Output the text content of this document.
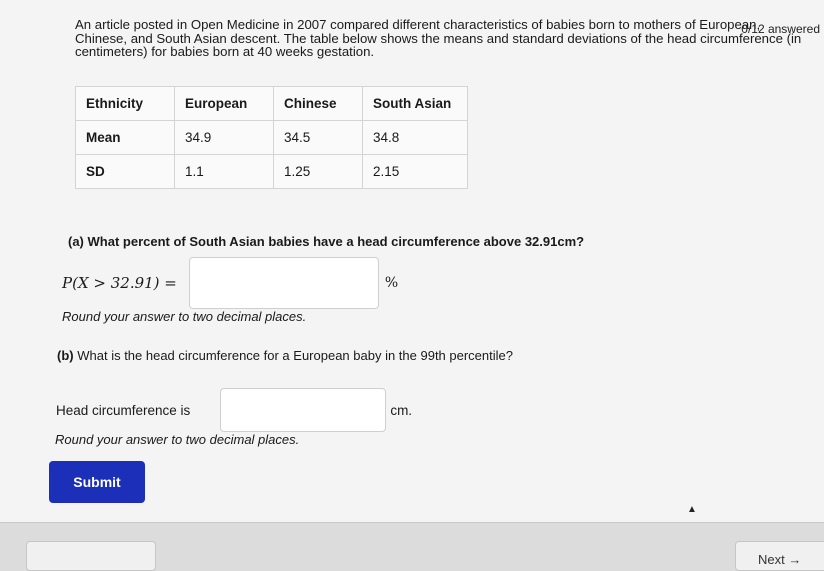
0/12 answered
An article posted in Open Medicine in 2007 compared different characteristics of babies born to mothers of European, Chinese, and South Asian descent. The table below shows the means and standard deviations of the head circumference (in centimeters) for babies born at 40 weeks gestation.
Ethnicity	European	Chinese	South Asian
Mean	34.9	34.5	34.8
SD	1.1	1.25	2.15
(a) What percent of South Asian babies have a head circumference above 32.91cm?
P(X > 32.91) =	%
Round your answer to two decimal places.
(b) What is the head circumference for a European baby in the 99th percentile?
Head circumference is	cm.
Round your answer to two decimal places.
Submit
▲
Next →
